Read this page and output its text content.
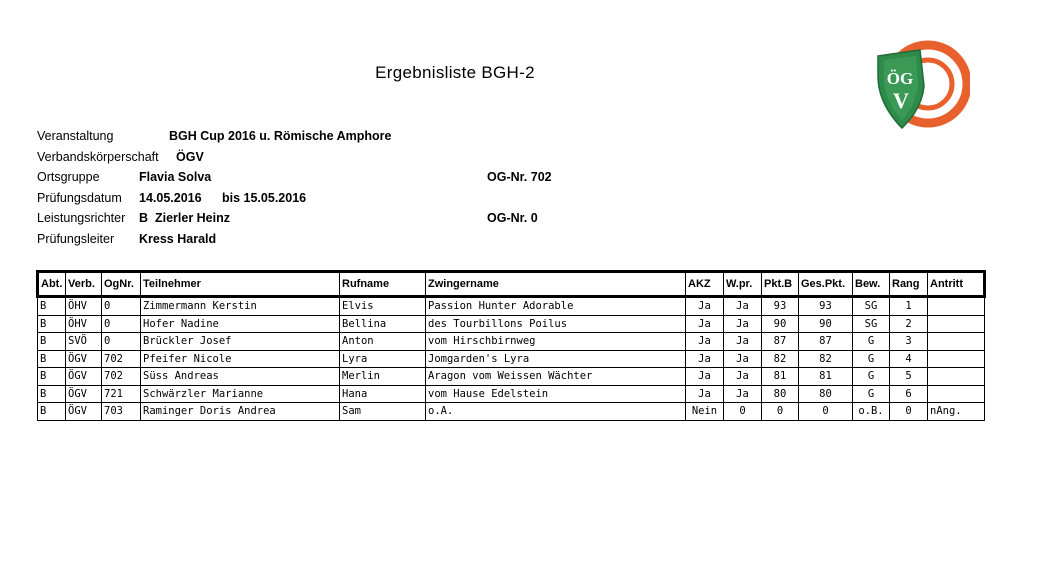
Ergebnisliste BGH-2	ÖG
V
Veranstaltung	BGH Cup 2016 u. Römische Amphore
Verbandskörperschaft ÖGV
Ortsgruppe	Flavia Solva	OG-Nr. 702
Prüfungsdatum 14.05.2016 bis 15.05.2016
Leistungsrichter B  Zierler Heinz	OG-Nr. 0
Prüfungsleiter Kress Harald
Abt.	Verb.	OgNr.	Teilnehmer	Rufname	Zwingername	AKZ	W.pr.	Pkt.B	Ges.Pkt.	Bew.	Rang	Antritt
B	ÖHV	0	Zimmermann Kerstin	Elvis	Passion Hunter Adorable	Ja	Ja	93	93	SG	1	
B	ÖHV	0	Hofer Nadine	Bellina	des Tourbillons Poilus	Ja	Ja	90	90	SG	2	
B	SVÖ	0	Brückler Josef	Anton	vom Hirschbirnweg	Ja	Ja	87	87	G	3	
B	ÖGV	702	Pfeifer Nicole	Lyra	Jomgarden's Lyra	Ja	Ja	82	82	G	4	
B	ÖGV	702	Süss Andreas	Merlin	Aragon vom Weissen Wächter	Ja	Ja	81	81	G	5	
B	ÖGV	721	Schwärzler Marianne	Hana	vom Hause Edelstein	Ja	Ja	80	80	G	6	
B	ÖGV	703	Raminger Doris Andrea	Sam	o.A.	Nein	0	0	0	o.B.	0	nAng.
